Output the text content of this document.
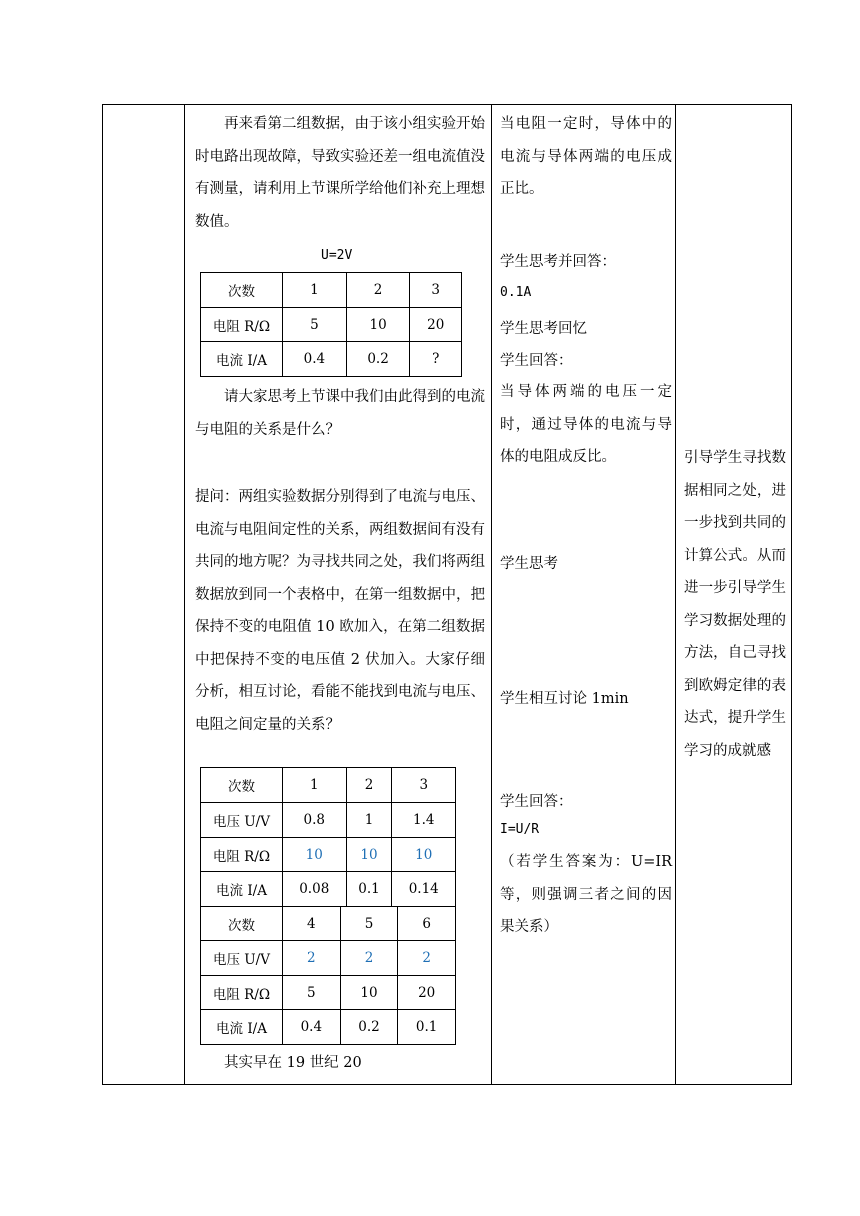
再来看第二组数据，由于该小组实验开始时电路出现故障，导致实验还差一组电流值没有测量，请利用上节课所学给他们补充上理想数值。

U=2V
次数	1	2	3
电阻 R/Ω	5	10	20
电流 I/A	0.4	0.2	?

请大家思考上节课中我们由此得到的电流与电阻的关系是什么？

提问：两组实验数据分别得到了电流与电压、电流与电阻间定性的关系，两组数据间有没有共同的地方呢？为寻找共同之处，我们将两组数据放到同一个表格中，在第一组数据中，把保持不变的电阻值 10 欧加入，在第二组数据中把保持不变的电压值 2 伏加入。大家仔细分析，相互讨论，看能不能找到电流与电压、电阻之间定量的关系？

次数	1	2	3
电压 U/V	0.8	1	1.4
电阻 R/Ω	10	10	10
电流 I/A	0.08	0.1	0.14
次数	4	5	6
电压 U/V	2	2	2
电阻 R/Ω	5	10	20
电流 I/A	0.4	0.2	0.1
其实早在 19 世纪 20

当电阻一定时，导体中的电流与导体两端的电压成正比。

学生思考并回答：
0.1A
学生思考回忆
学生回答：

当导体两端的电压一定时，通过导体的电流与导体的电阻成反比。

学生思考
学生相互讨论 1min
学生回答：
I=U/R

（若学生答案为：U=IR 等，则强调三者之间的因果关系）

引导学生寻找数据相同之处，进一步找到共同的计算公式。从而进一步引导学生学习数据处理的方法，自己寻找到欧姆定律的表达式，提升学生学习的成就感
